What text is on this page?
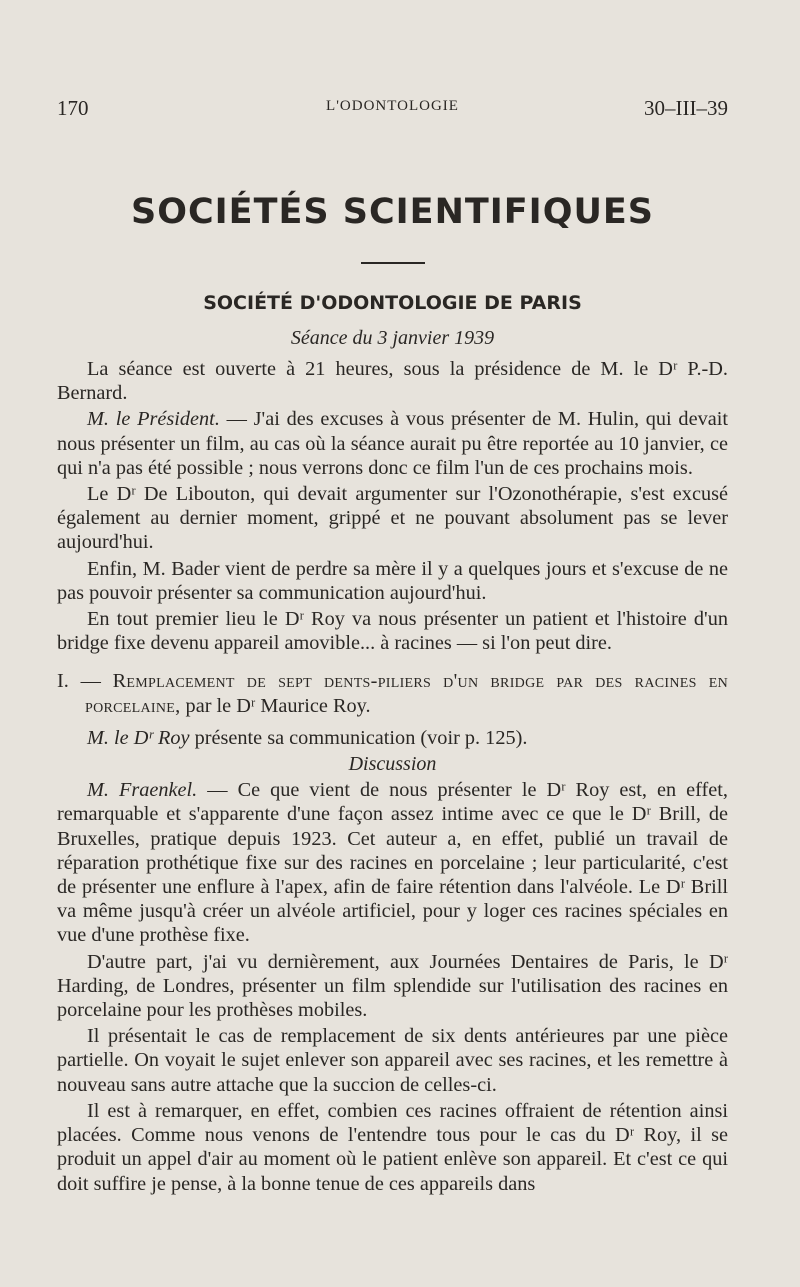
170	L'ODONTOLOGIE	30–III–39
SOCIÉTÉS SCIENTIFIQUES
SOCIÉTÉ D'ODONTOLOGIE DE PARIS
Séance du 3 janvier 1939

La séance est ouverte à 21 heures, sous la présidence de M. le Dʳ P.-D. Bernard.

M. le Président. — J'ai des excuses à vous présenter de M. Hulin, qui devait nous présenter un film, au cas où la séance aurait pu être reportée au 10 janvier, ce qui n'a pas été possible ; nous verrons donc ce film l'un de ces prochains mois.

Le Dʳ De Libouton, qui devait argumenter sur l'Ozonothérapie, s'est excusé également au dernier moment, grippé et ne pouvant absolument pas se lever aujourd'hui.

Enfin, M. Bader vient de perdre sa mère il y a quelques jours et s'excuse de ne pas pouvoir présenter sa communication aujourd'hui.

En tout premier lieu le Dʳ Roy va nous présenter un patient et l'histoire d'un bridge fixe devenu appareil amovible... à racines — si l'on peut dire.

I. — Remplacement de sept dents-piliers d'un bridge par des racines en porcelaine, par le Dʳ Maurice Roy.

M. le Dʳ Roy présente sa communication (voir p. 125).

Discussion

M. Fraenkel. — Ce que vient de nous présenter le Dʳ Roy est, en effet, remarquable et s'apparente d'une façon assez intime avec ce que le Dʳ Brill, de Bruxelles, pratique depuis 1923. Cet auteur a, en effet, publié un travail de réparation prothétique fixe sur des racines en porcelaine ; leur particularité, c'est de présenter une enflure à l'apex, afin de faire rétention dans l'alvéole. Le Dʳ Brill va même jusqu'à créer un alvéole artificiel, pour y loger ces racines spéciales en vue d'une prothèse fixe.

D'autre part, j'ai vu dernièrement, aux Journées Dentaires de Paris, le Dʳ Harding, de Londres, présenter un film splendide sur l'utilisation des racines en porcelaine pour les prothèses mobiles.

Il présentait le cas de remplacement de six dents antérieures par une pièce partielle. On voyait le sujet enlever son appareil avec ses racines, et les remettre à nouveau sans autre attache que la succion de celles-ci.

Il est à remarquer, en effet, combien ces racines offraient de rétention ainsi placées. Comme nous venons de l'entendre tous pour le cas du Dʳ Roy, il se produit un appel d'air au moment où le patient enlève son appareil. Et c'est ce qui doit suffire je pense, à la bonne tenue de ces appareils dans
